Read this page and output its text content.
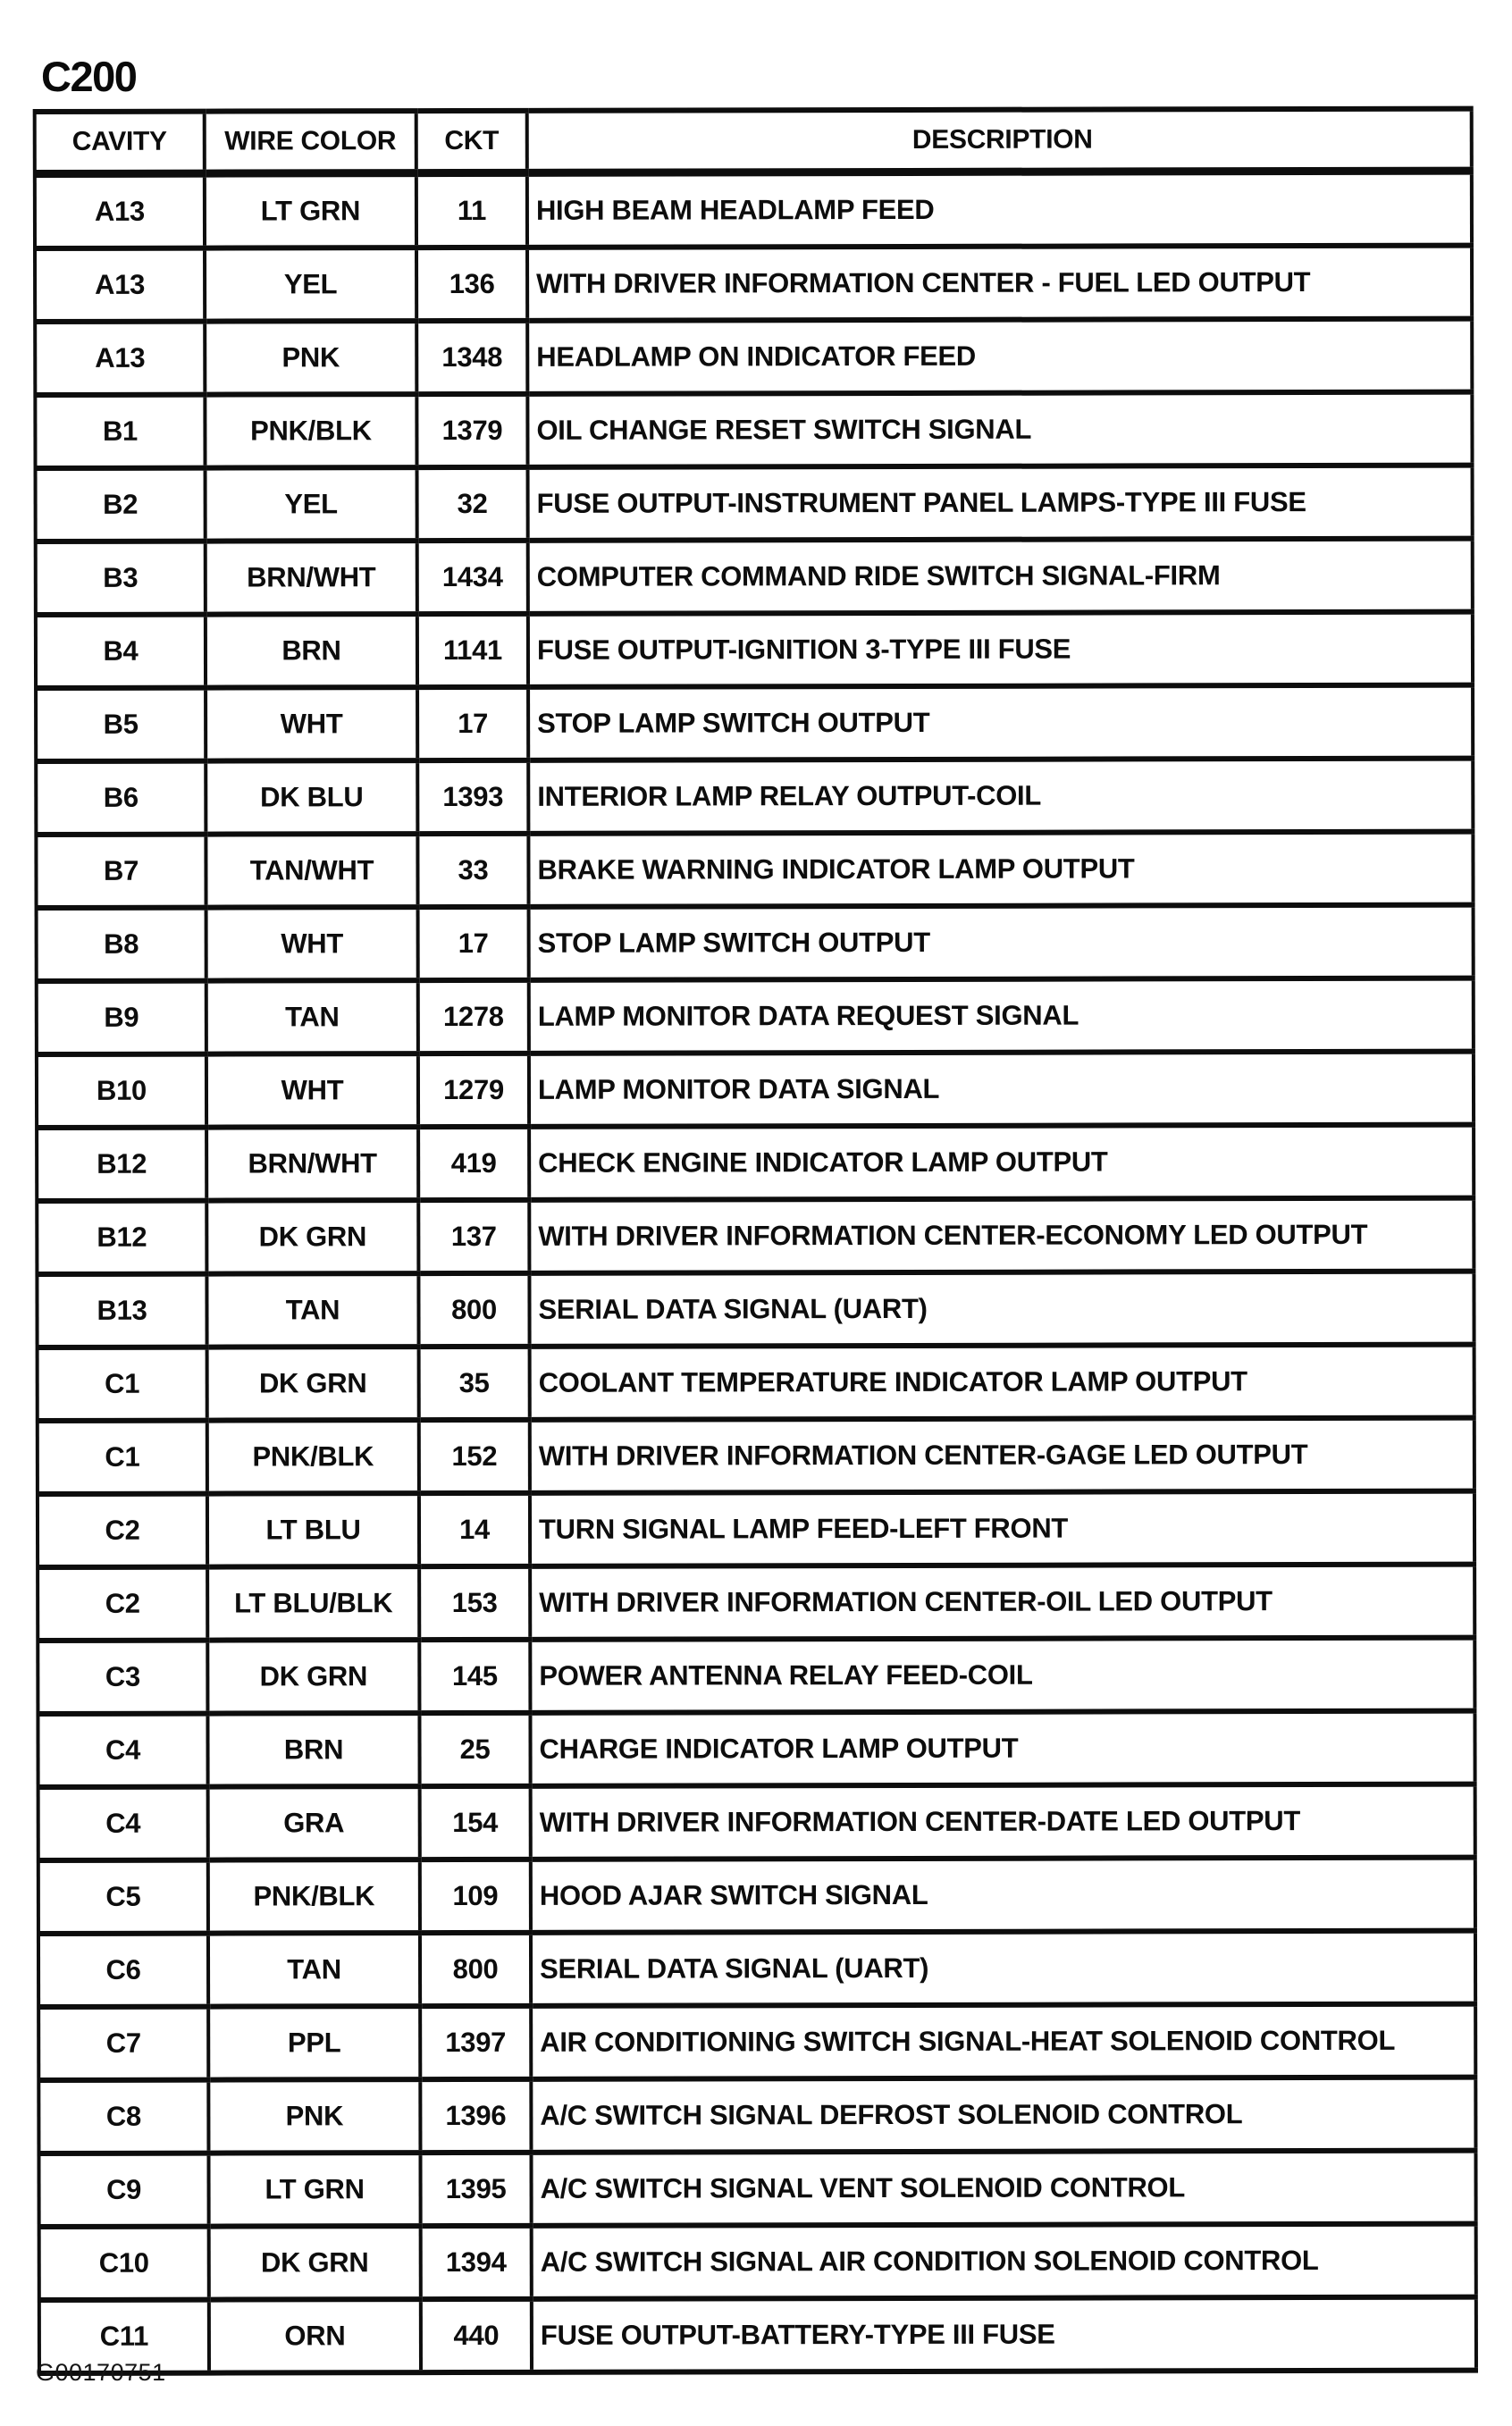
C200
CAVITY	WIRE COLOR	CKT	DESCRIPTION
A13	LT GRN	11	HIGH BEAM HEADLAMP FEED
A13	YEL	136	WITH DRIVER INFORMATION CENTER - FUEL LED OUTPUT
A13	PNK	1348	HEADLAMP ON INDICATOR FEED
B1	PNK/BLK	1379	OIL CHANGE RESET SWITCH SIGNAL
B2	YEL	32	FUSE OUTPUT-INSTRUMENT PANEL LAMPS-TYPE III FUSE
B3	BRN/WHT	1434	COMPUTER COMMAND RIDE SWITCH SIGNAL-FIRM
B4	BRN	1141	FUSE OUTPUT-IGNITION 3-TYPE III FUSE
B5	WHT	17	STOP LAMP SWITCH OUTPUT
B6	DK BLU	1393	INTERIOR LAMP RELAY OUTPUT-COIL
B7	TAN/WHT	33	BRAKE WARNING INDICATOR LAMP OUTPUT
B8	WHT	17	STOP LAMP SWITCH OUTPUT
B9	TAN	1278	LAMP MONITOR DATA REQUEST SIGNAL
B10	WHT	1279	LAMP MONITOR DATA SIGNAL
B12	BRN/WHT	419	CHECK ENGINE INDICATOR LAMP OUTPUT
B12	DK GRN	137	WITH DRIVER INFORMATION CENTER-ECONOMY LED OUTPUT
B13	TAN	800	SERIAL DATA SIGNAL (UART)
C1	DK GRN	35	COOLANT TEMPERATURE INDICATOR LAMP OUTPUT
C1	PNK/BLK	152	WITH DRIVER INFORMATION CENTER-GAGE LED OUTPUT
C2	LT BLU	14	TURN SIGNAL LAMP FEED-LEFT FRONT
C2	LT BLU/BLK	153	WITH DRIVER INFORMATION CENTER-OIL LED OUTPUT
C3	DK GRN	145	POWER ANTENNA RELAY FEED-COIL
C4	BRN	25	CHARGE INDICATOR LAMP OUTPUT
C4	GRA	154	WITH DRIVER INFORMATION CENTER-DATE LED OUTPUT
C5	PNK/BLK	109	HOOD AJAR SWITCH SIGNAL
C6	TAN	800	SERIAL DATA SIGNAL (UART)
C7	PPL	1397	AIR CONDITIONING SWITCH SIGNAL-HEAT SOLENOID CONTROL
C8	PNK	1396	A/C SWITCH SIGNAL DEFROST SOLENOID CONTROL
C9	LT GRN	1395	A/C SWITCH SIGNAL VENT SOLENOID CONTROL
C10	DK GRN	1394	A/C SWITCH SIGNAL AIR CONDITION SOLENOID CONTROL
C11	ORN	440	FUSE OUTPUT-BATTERY-TYPE III FUSE
G00170751
